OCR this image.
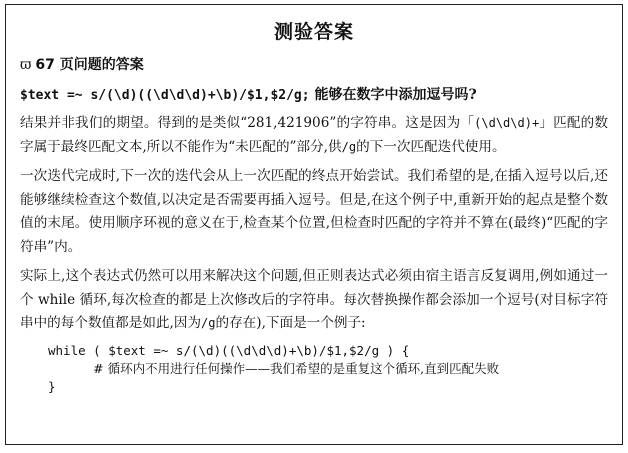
测验答案
ϖ 67 页问题的答案
$text =~ s/(\d)((\d\d\d)+\b)/$1,$2/g; 能够在数字中添加逗号吗?

结果并非我们的期望。得到的是类似“281,421906”的字符串。这是因为「(\d\d\d)+」匹配的数字属于最终匹配文本,所以不能作为“未匹配的”部分,供/g的下一次匹配迭代使用。

一次迭代完成时,下一次的迭代会从上一次匹配的终点开始尝试。我们希望的是,在插入逗号以后,还能够继续检查这个数值,以决定是否需要再插入逗号。但是,在这个例子中,重新开始的起点是整个数值的末尾。使用顺序环视的意义在于,检查某个位置,但检查时匹配的字符并不算在(最终)“匹配的字符串”内。

实际上,这个表达式仍然可以用来解决这个问题,但正则表达式必须由宿主语言反复调用,例如通过一个 while 循环,每次检查的都是上次修改后的字符串。每次替换操作都会添加一个逗号(对目标字符串中的每个数值都是如此,因为/g的存在),下面是一个例子:

while ( $text =~ s/(\d)((\d\d\d)+\b)/$1,$2/g ) {
# 循环内不用进行任何操作——我们希望的是重复这个循环,直到匹配失败
}
